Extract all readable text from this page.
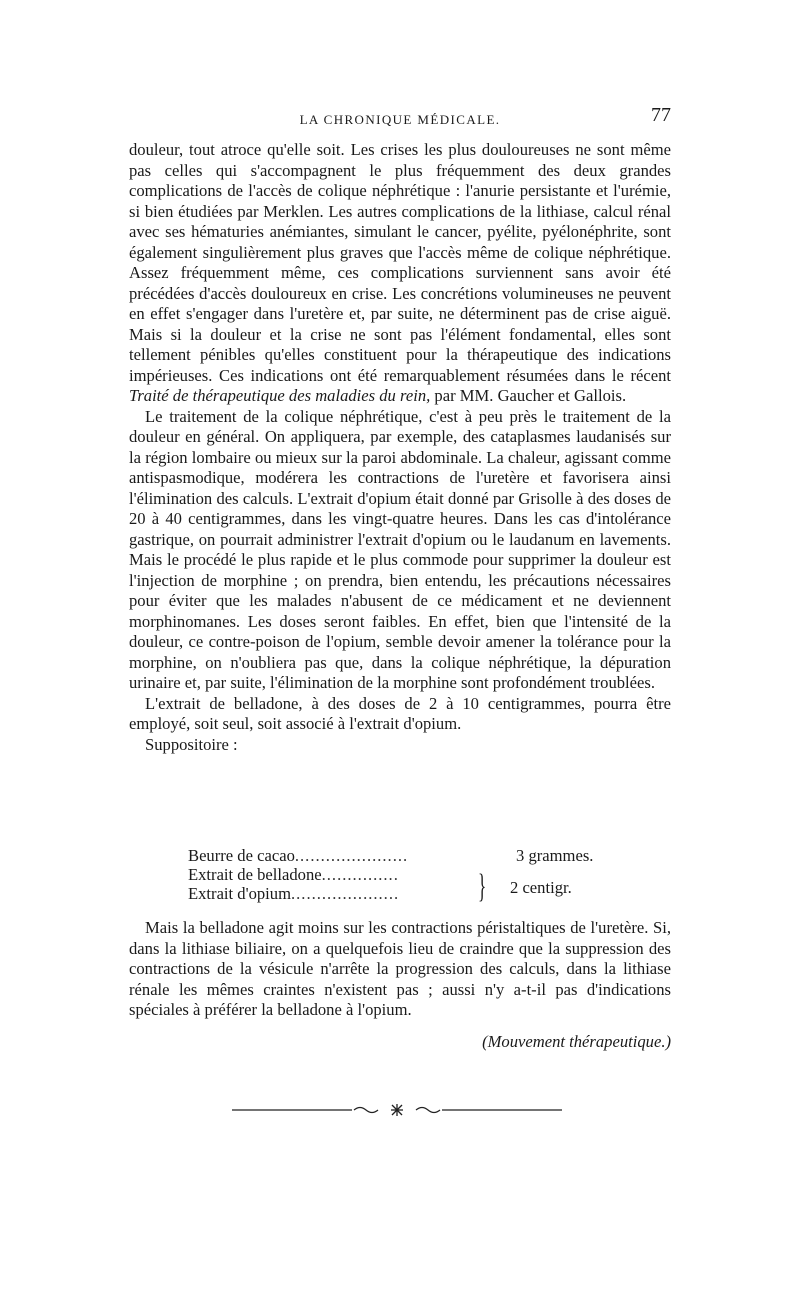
LA CHRONIQUE MÉDICALE.	77

douleur, tout atroce qu'elle soit. Les crises les plus douloureuses ne sont même pas celles qui s'accompagnent le plus fréquemment des deux grandes complications de l'accès de colique néphrétique : l'anurie persistante et l'urémie, si bien étudiées par Merklen. Les autres complications de la lithiase, calcul rénal avec ses hématuries anémiantes, simulant le cancer, pyélite, pyélonéphrite, sont également singulièrement plus graves que l'accès même de colique néphrétique. Assez fréquemment même, ces complications surviennent sans avoir été précédées d'accès douloureux en crise. Les concrétions volumineuses ne peuvent en effet s'engager dans l'uretère et, par suite, ne déterminent pas de crise aiguë. Mais si la douleur et la crise ne sont pas l'élément fondamental, elles sont tellement pénibles qu'elles constituent pour la thérapeutique des indications impérieuses. Ces indications ont été remarquablement résumées dans le récent Traité de thérapeutique des maladies du rein, par MM. Gaucher et Gallois.

Le traitement de la colique néphrétique, c'est à peu près le traitement de la douleur en général. On appliquera, par exemple, des cataplasmes laudanisés sur la région lombaire ou mieux sur la paroi abdominale. La chaleur, agissant comme antispasmodique, modérera les contractions de l'uretère et favorisera ainsi l'élimination des calculs. L'extrait d'opium était donné par Grisolle à des doses de 20 à 40 centigrammes, dans les vingt-quatre heures. Dans les cas d'intolérance gastrique, on pourrait administrer l'extrait d'opium ou le laudanum en lavements. Mais le procédé le plus rapide et le plus commode pour supprimer la douleur est l'injection de morphine ; on prendra, bien entendu, les précautions nécessaires pour éviter que les malades n'abusent de ce médicament et ne deviennent morphinomanes. Les doses seront faibles. En effet, bien que l'intensité de la douleur, ce contre-poison de l'opium, semble devoir amener la tolérance pour la morphine, on n'oubliera pas que, dans la colique néphrétique, la dépuration urinaire et, par suite, l'élimination de la morphine sont profondément troublées.

L'extrait de belladone, à des doses de 2 à 10 centigrammes, pourra être employé, soit seul, soit associé à l'extrait d'opium.

Suppositoire :

Beurre de cacao......................	3 grammes.
Extrait de belladone...............
Extrait d'opium.....................	} 2 centigr.

Mais la belladone agit moins sur les contractions péristaltiques de l'uretère. Si, dans la lithiase biliaire, on a quelquefois lieu de craindre que la suppression des contractions de la vésicule n'arrête la progression des calculs, dans la lithiase rénale les mêmes craintes n'existent pas ; aussi n'y a-t-il pas d'indications spéciales à préférer la belladone à l'opium.

(Mouvement thérapeutique.)
